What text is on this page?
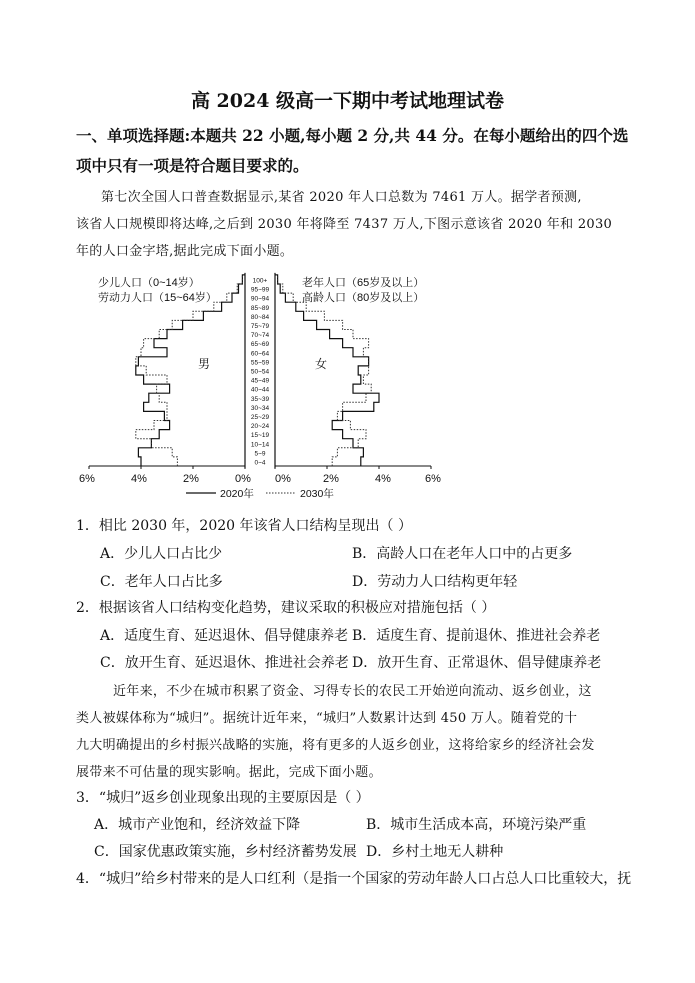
高 2024 级高一下期中考试地理试卷
一、单项选择题:本题共 22 小题,每小题 2 分,共 44 分。在每小题给出的四个选
项中只有一项是符合题目要求的。
第七次全国人口普查数据显示,某省 2020 年人口总数为 7461 万人。据学者预测,
该省人口规模即将达峰,之后到 2030 年将降至 7437 万人,下图示意该省 2020 年和 2030
年的人口金字塔,据此完成下面小题。
0~4
5~9
10~14
15~19
20~24
25~29
30~34
35~39
40~44
45~49
50~54
55~59
60~64
65~69
70~74
75~79
80~84
85~89
90~94
95~99
100+
少儿人口（0~14岁）
劳动力人口（15~64岁）
老年人口（65岁及以上）
高龄人口（80岁及以上）
男	女
6%	4%	2%	0% 0%	2%	4%	6%
2020年	2030年
1．相比 2030 年，2020 年该省人口结构呈现出（ ）
A．少儿人口占比少	B．高龄人口在老年人口中的占更多
C．老年人口占比多	D．劳动力人口结构更年轻
2．根据该省人口结构变化趋势，建议采取的积极应对措施包括（ ）
A．适度生育、延迟退休、倡导健康养老 B．适度生育、提前退休、推进社会养老
C．放开生育、延迟退休、推进社会养老 D．放开生育、正常退休、倡导健康养老
近年来，不少在城市积累了资金、习得专长的农民工开始逆向流动、返乡创业，这
类人被媒体称为“城归”。据统计近年来，“城归”人数累计达到 450 万人。随着党的十
九大明确提出的乡村振兴战略的实施，将有更多的人返乡创业，这将给家乡的经济社会发
展带来不可估量的现实影响。据此，完成下面小题。
3．“城归”返乡创业现象出现的主要原因是（ ）
A．城市产业饱和，经济效益下降	B．城市生活成本高，环境污染严重
C．国家优惠政策实施，乡村经济蓄势发展 D．乡村土地无人耕种
4．“城归”给乡村带来的是人口红利（是指一个国家的劳动年龄人口占总人口比重较大，抚
